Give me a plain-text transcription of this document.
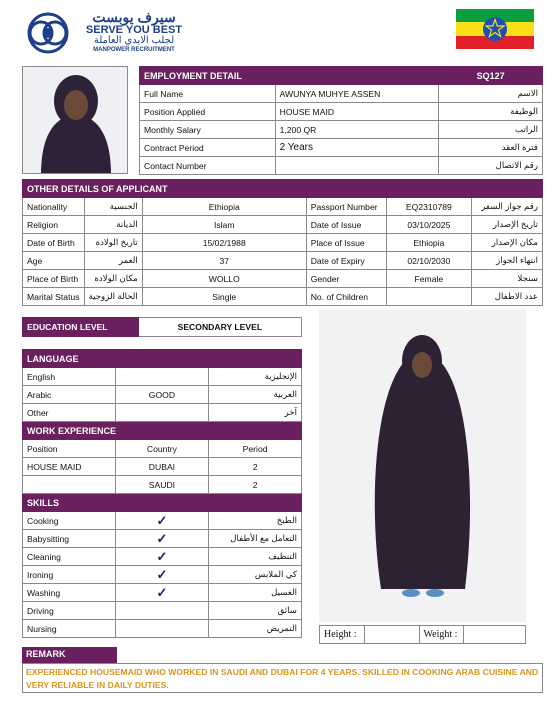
سيرف يوبست
SERVE YOU BEST
لجلب الايدي العاملة
MANPOWER RECRUITMENT
EMPLOYMENT DETAIL		SQ127
Full Name	AWUNYA MUHYE ASSEN	الاسم
Position Applied	HOUSE MAID	الوظيفة
Monthly Salary	1,200 QR	الراتب
Contract Period	2 Years	فترة العقد
Contact Number		رقم الاتصال
OTHER DETAILS OF APPLICANT					
Nationality	الجنسية	Ethiopia	Passport Number	EQ2310789	رقم جواز السفر
Religion	الديانة	Islam	Date of Issue	03/10/2025	تاريخ الإصدار
Date of Birth	تاريخ الولادة	15/02/1988	Place of Issue	Ethiopia	مكان الإصدار
Age	العمر	37	Date of Expiry	02/10/2030	انتهاء الجواز
Place of Birth	مكان الولادة	WOLLO	Gender	Female	سنجلا
Marital Status	الحالة الزوجية	Single	No. of Children		عدد الاطفال
EDUCATION LEVEL	SECONDARY LEVEL
LANGUAGE		
English		الإنجليزية
Arabic	GOOD	العربية
Other		آخر
WORK EXPERIENCE		
Position	Country	Period
HOUSE MAID	DUBAI	2
	SAUDI	2
SKILLS		
Cooking	✓	الطبخ
Babysitting	✓	التعامل مع الأطفال
Cleaning	✓	التنظيف
Ironing	✓	كي الملابس
Washing	✓	الغسيل
Driving		سائق
Nursing		التمريض
Height :		Weight :	
REMARK
EXPERIENCED HOUSEMAID WHO WORKED IN SAUDI AND DUBAI FOR 4 YEARS. SKILLED IN COOKING ARAB CUISINE AND VERY RELIABLE IN DAILY DUTIES.
